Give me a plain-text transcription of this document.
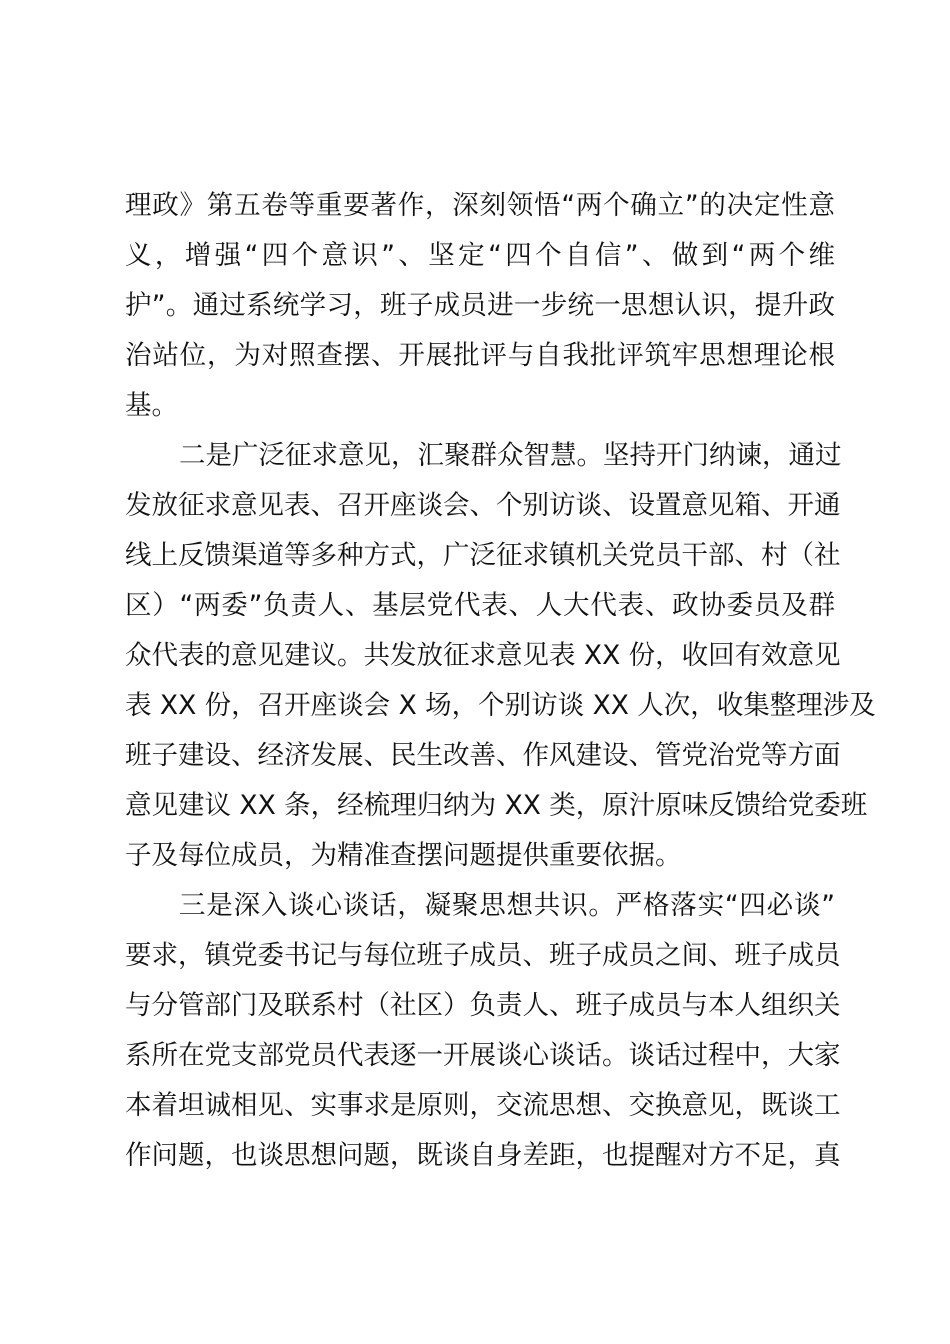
理政》第五卷等重要著作，深刻领悟“两个确立”的决定性意
义，增强“四个意识”、坚定“四个自信”、做到“两个维
护”。通过系统学习，班子成员进一步统一思想认识，提升政
治站位，为对照查摆、开展批评与自我批评筑牢思想理论根
基。
二是广泛征求意见，汇聚群众智慧。坚持开门纳谏，通过
发放征求意见表、召开座谈会、个别访谈、设置意见箱、开通
线上反馈渠道等多种方式，广泛征求镇机关党员干部、村（社
区）“两委”负责人、基层党代表、人大代表、政协委员及群
众代表的意见建议。共发放征求意见表 XX 份，收回有效意见
表 XX 份，召开座谈会 X 场，个别访谈 XX 人次，收集整理涉及
班子建设、经济发展、民生改善、作风建设、管党治党等方面
意见建议 XX 条，经梳理归纳为 XX 类，原汁原味反馈给党委班
子及每位成员，为精准查摆问题提供重要依据。
三是深入谈心谈话，凝聚思想共识。严格落实“四必谈”
要求，镇党委书记与每位班子成员、班子成员之间、班子成员
与分管部门及联系村（社区）负责人、班子成员与本人组织关
系所在党支部党员代表逐一开展谈心谈话。谈话过程中，大家
本着坦诚相见、实事求是原则，交流思想、交换意见，既谈工
作问题，也谈思想问题，既谈自身差距，也提醒对方不足，真
